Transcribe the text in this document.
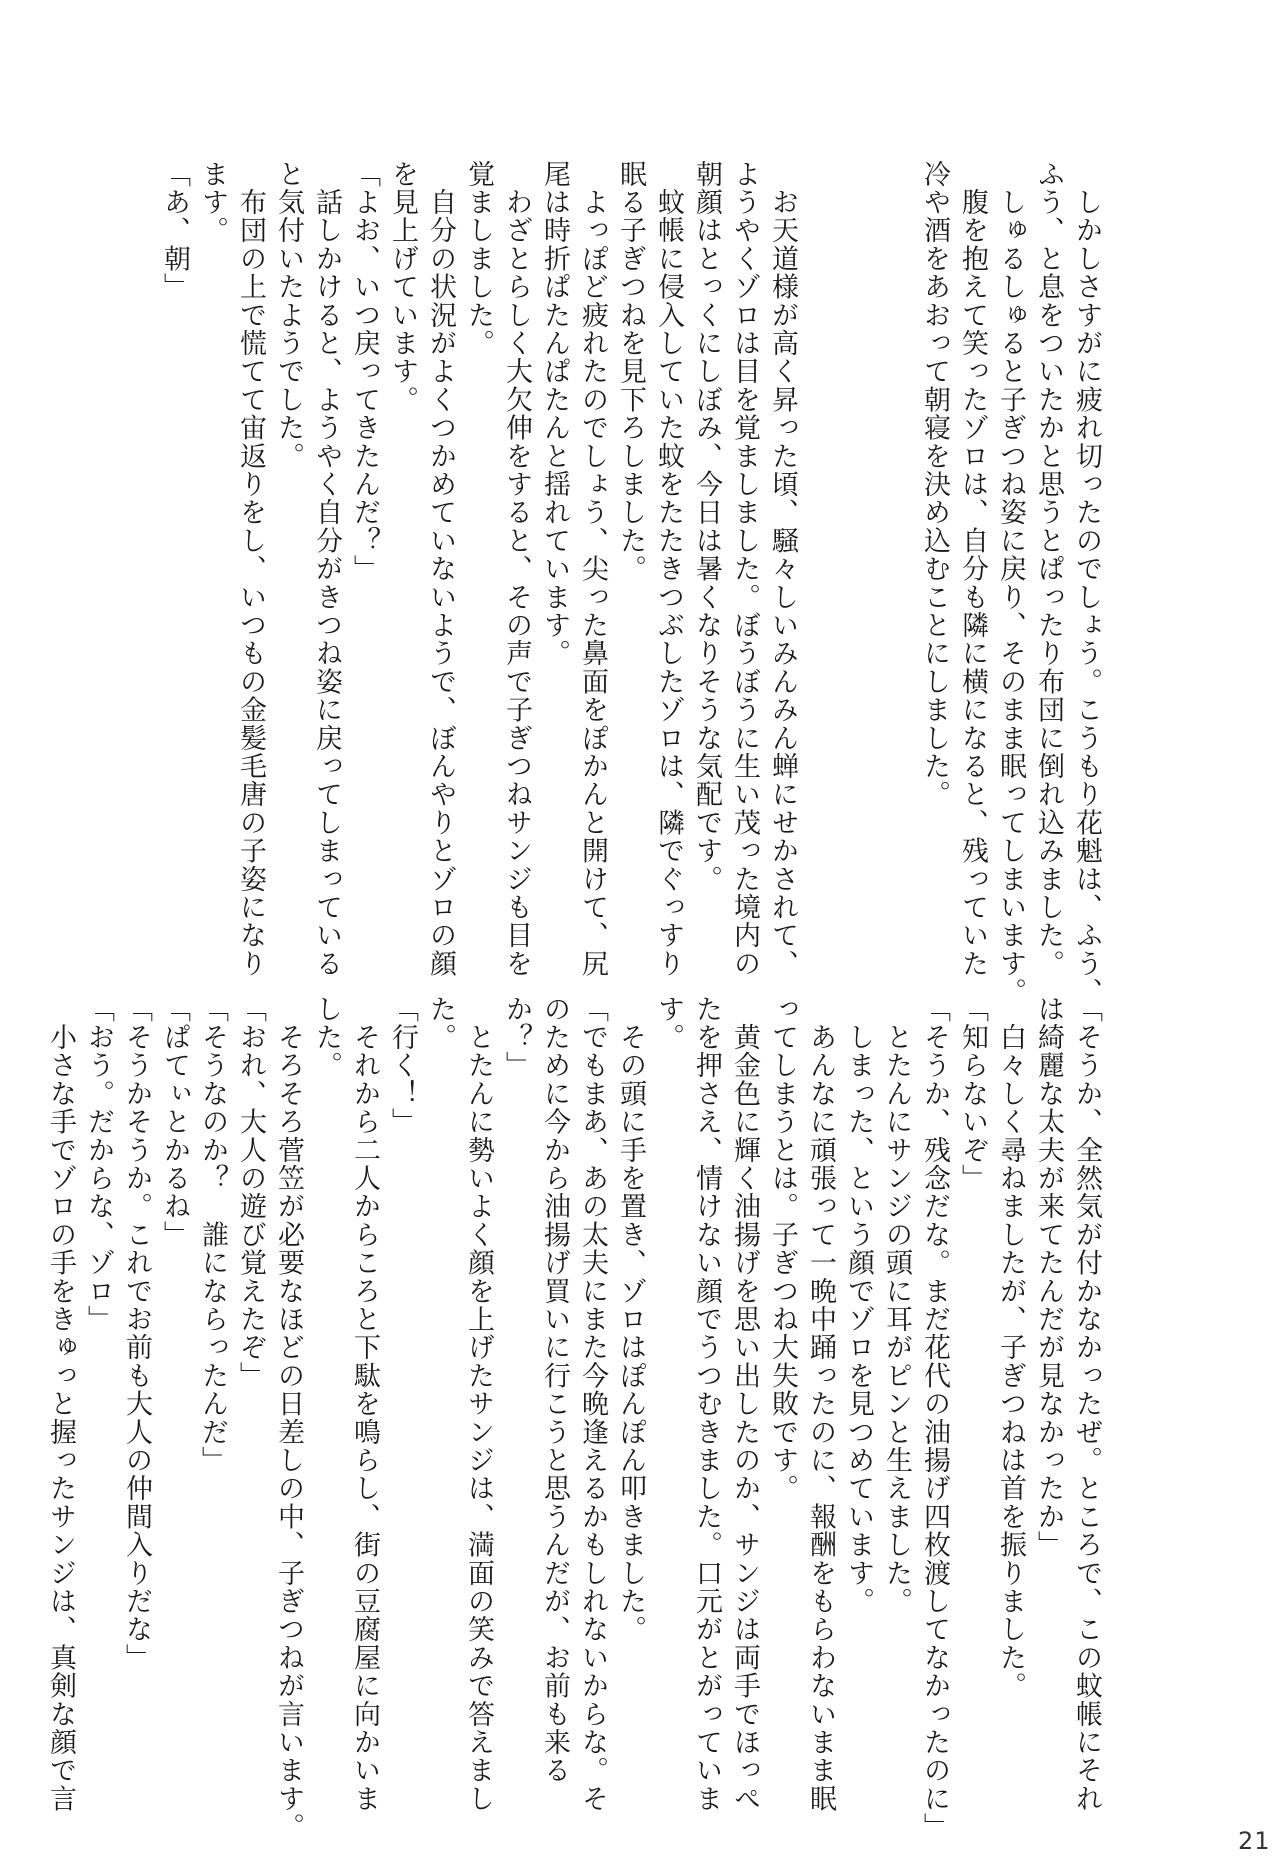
　しかしさすがに疲れ切ったのでしょう。こうもり花魁は、ふう、
ふう、と息をついたかと思うとぱったり布団に倒れ込みました。
　しゅるしゅると子ぎつね姿に戻り、そのまま眠ってしまいます。
　腹を抱えて笑ったゾロは、自分も隣に横になると、残っていた
冷や酒をあおって朝寝を決め込むことにしました。

　お天道様が高く昇った頃、騒々しいみんみん蝉にせかされて、
ようやくゾロは目を覚ましました。ぼうぼうに生い茂った境内の
朝顔はとっくにしぼみ、今日は暑くなりそうな気配です。
　蚊帳に侵入していた蚊をたたきつぶしたゾロは、隣でぐっすり
眠る子ぎつねを見下ろしました。
　よっぽど疲れたのでしょう、尖った鼻面をぽかんと開けて、尻
尾は時折ぱたんぱたんと揺れています。
　わざとらしく大欠伸をすると、その声で子ぎつねサンジも目を
覚ましました。
　自分の状況がよくつかめていないようで、ぼんやりとゾロの顔
を見上げています。
「よお、いつ戻ってきたんだ？」
　話しかけると、ようやく自分がきつね姿に戻ってしまっている
と気付いたようでした。
　布団の上で慌てて宙返りをし、いつもの金髪毛唐の子姿になり
ます。
「あ、朝」
「そうか、全然気が付かなかったぜ。ところで、この蚊帳にそれ
は綺麗な太夫が来てたんだが見なかったか」
　白々しく尋ねましたが、子ぎつねは首を振りました。
「知らないぞ」
「そうか、残念だな。まだ花代の油揚げ四枚渡してなかったのに」
　とたんにサンジの頭に耳がピンと生えました。
　しまった、という顔でゾロを見つめています。
　あんなに頑張って一晩中踊ったのに、報酬をもらわないまま眠
ってしまうとは。子ぎつね大失敗です。
　黄金色に輝く油揚げを思い出したのか、サンジは両手でほっぺ
たを押さえ、情けない顔でうつむきました。口元がとがっていま
す。
　その頭に手を置き、ゾロはぽんぽん叩きました。
「でもまあ、あの太夫にまた今晩逢えるかもしれないからな。そ
のために今から油揚げ買いに行こうと思うんだが、お前も来る
か？」
　とたんに勢いよく顔を上げたサンジは、満面の笑みで答えまし
た。
「行く！」
　それから二人からころと下駄を鳴らし、街の豆腐屋に向かいま
した。
　そろそろ菅笠が必要なほどの日差しの中、子ぎつねが言います。
「おれ、大人の遊び覚えたぞ」
「そうなのか？　誰にならったんだ」
「ぱてぃとかるね」
「そうかそうか。これでお前も大人の仲間入りだな」
「おう。だからな、ゾロ」
　小さな手でゾロの手をきゅっと握ったサンジは、真剣な顔で言
21
